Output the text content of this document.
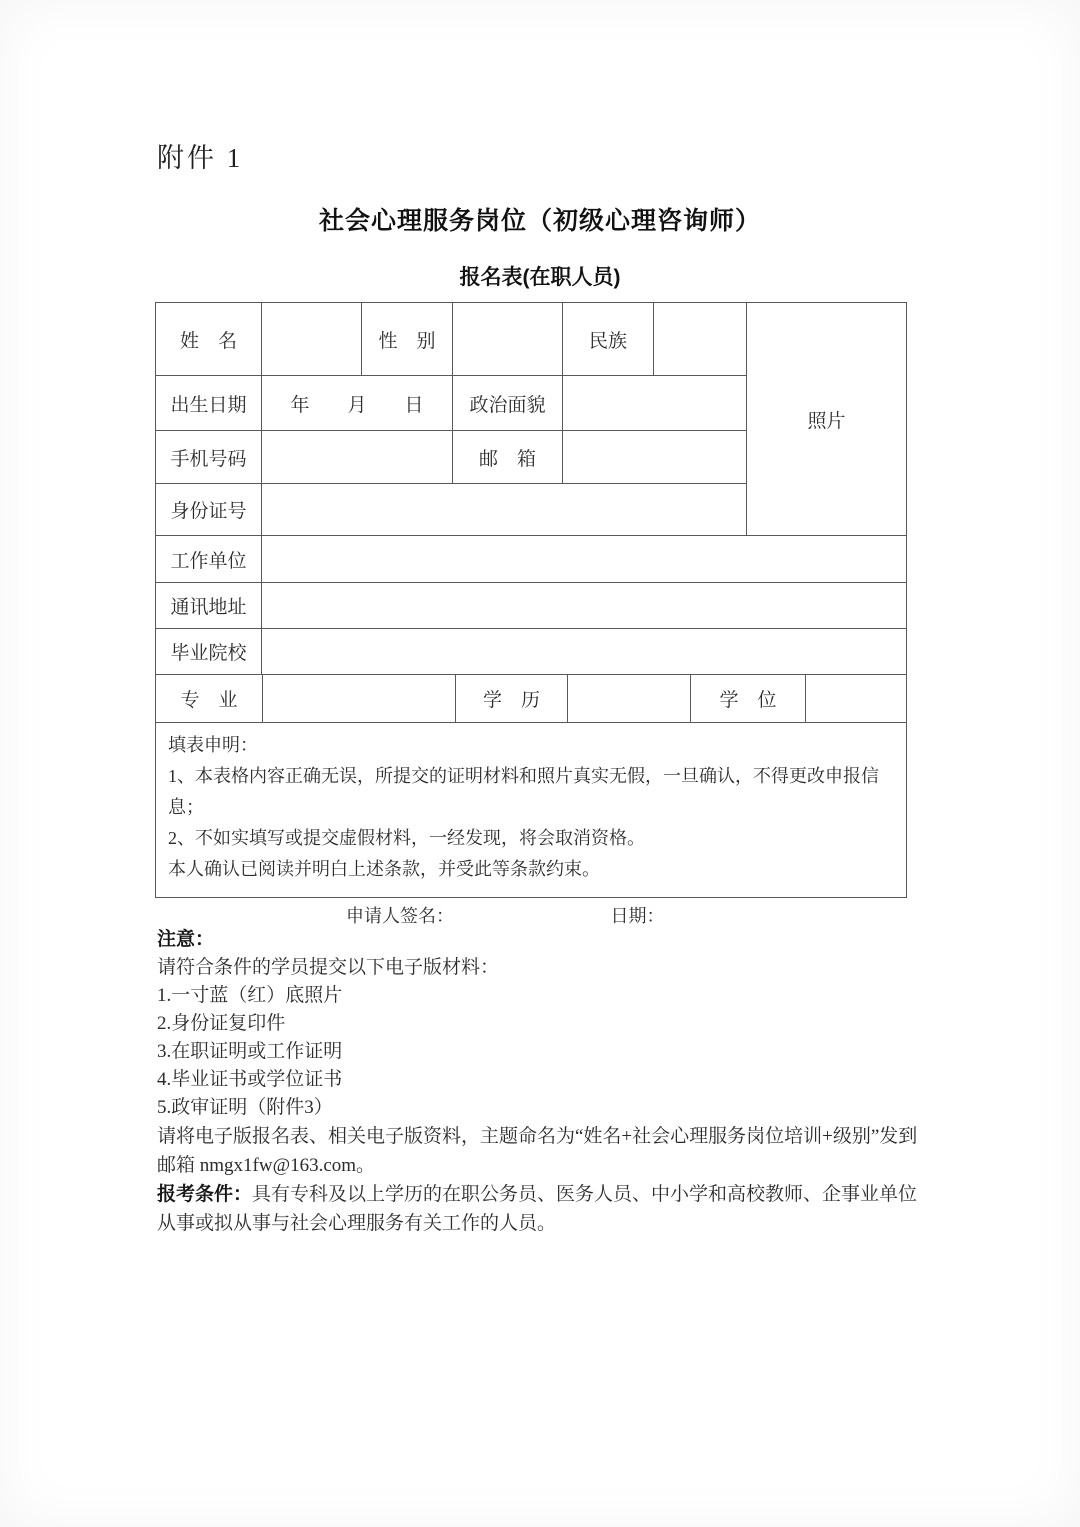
附件 1
社会心理服务岗位（初级心理咨询师）
报名表(在职人员)
姓　名	性　别	民族
出生日期	年　　月　　日	政治面貌
手机号码	邮　箱
身份证号
照片
工作单位
通讯地址
毕业院校
专　业	学　历	学　位

填表申明：

1、本表格内容正确无误，所提交的证明材料和照片真实无假，一旦确认，不得更改申报信息；

2、不如实填写或提交虚假材料，一经发现，将会取消资格。

本人确认已阅读并明白上述条款，并受此等条款约束。

申请人签名：	日期：

注意：

请符合条件的学员提交以下电子版材料：

1.一寸蓝（红）底照片

2.身份证复印件

3.在职证明或工作证明

4.毕业证书或学位证书

5.政审证明（附件3）

请将电子版报名表、相关电子版资料，主题命名为“姓名+社会心理服务岗位培训+级别”发到邮箱 nmgx1fw@163.com。

报考条件：具有专科及以上学历的在职公务员、医务人员、中小学和高校教师、企事业单位从事或拟从事与社会心理服务有关工作的人员。
